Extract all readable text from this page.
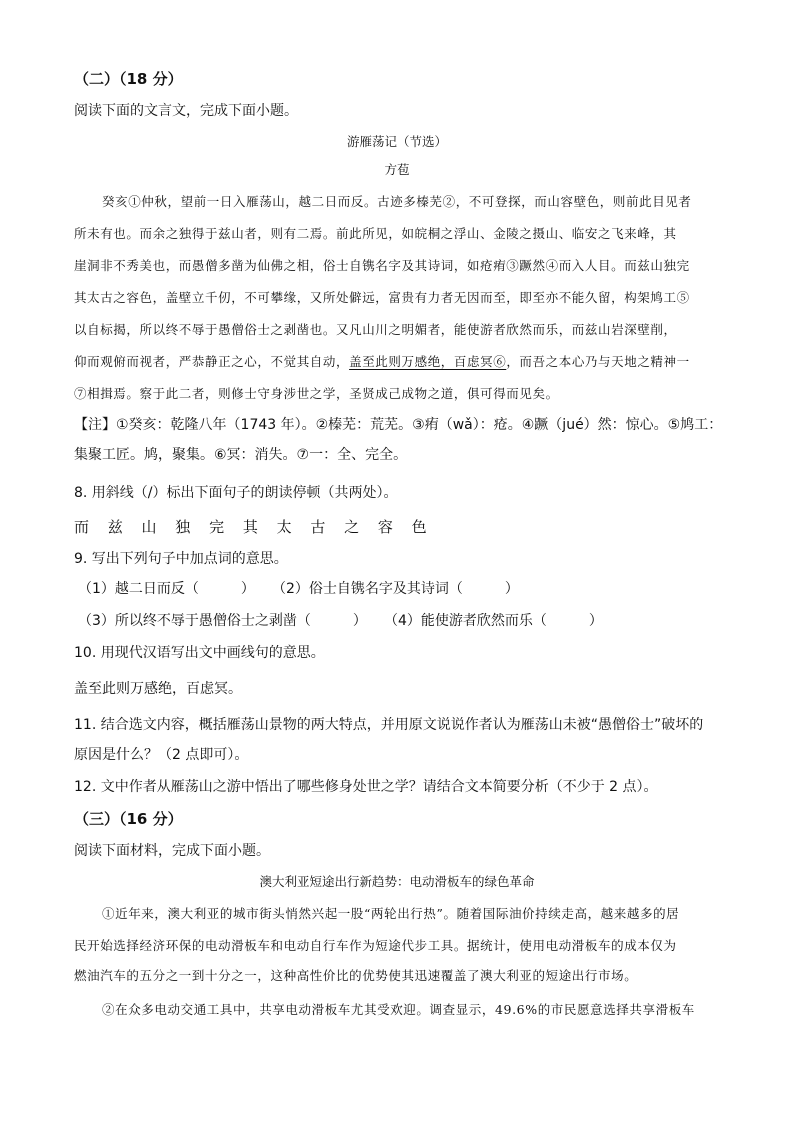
（二）（18 分）
阅读下面的文言文，完成下面小题。
游雁荡记（节选）
方苞
癸亥①仲秋，望前一日入雁荡山，越二日而反。古迹多榛芜②，不可登探，而山容壁色，则前此目见者
所未有也。而余之独得于兹山者，则有二焉。前此所见，如皖桐之浮山、金陵之摄山、临安之飞来峰，其
崖洞非不秀美也，而愚僧多凿为仙佛之相，俗士自镌名字及其诗词，如疮痏③蹶然④而入人目。而兹山独完
其太古之容色，盖壁立千仞，不可攀缘，又所处僻远，富贵有力者无因而至，即至亦不能久留，构架鸠工⑤
以自标揭，所以终不辱于愚僧俗士之剥凿也。又凡山川之明媚者，能使游者欣然而乐，而兹山岩深壁削，
仰而观俯而视者，严恭静正之心，不觉其自动，盖至此则万感绝，百虑冥⑥，而吾之本心乃与天地之精神一
⑦相揖焉。察于此二者，则修士守身涉世之学，圣贤成己成物之道，俱可得而见矣。
【注】①癸亥：乾隆八年（1743 年）。②榛芜：荒芜。③痏（wǎ）：疮。④蹶（jué）然：惊心。⑤鸠工：
集聚工匠。鸠，聚集。⑥冥：消失。⑦一：全、完全。
8. 用斜线（/）标出下面句子的朗读停顿（共两处）。
而 兹 山 独 完 其 太 古 之 容 色
9. 写出下列句子中加点词的意思。
（1）越二日而反（　　　） （2）俗士自镌名字及其诗词（　　　）
（3）所以终不辱于愚僧俗士之剥凿（　　　） （4）能使游者欣然而乐（　　　）
10. 用现代汉语写出文中画线句的意思。
盖至此则万感绝，百虑冥。
11. 结合选文内容，概括雁荡山景物的两大特点，并用原文说说作者认为雁荡山未被“愚僧俗士”破坏的
原因是什么？（2 点即可）。
12. 文中作者从雁荡山之游中悟出了哪些修身处世之学？请结合文本简要分析（不少于 2 点）。
（三）（16 分）
阅读下面材料，完成下面小题。
澳大利亚短途出行新趋势：电动滑板车的绿色革命
①近年来，澳大利亚的城市街头悄然兴起一股“两轮出行热”。随着国际油价持续走高，越来越多的居
民开始选择经济环保的电动滑板车和电动自行车作为短途代步工具。据统计，使用电动滑板车的成本仅为
燃油汽车的五分之一到十分之一，这种高性价比的优势使其迅速覆盖了澳大利亚的短途出行市场。
②在众多电动交通工具中，共享电动滑板车尤其受欢迎。调查显示，49.6%的市民愿意选择共享滑板车
